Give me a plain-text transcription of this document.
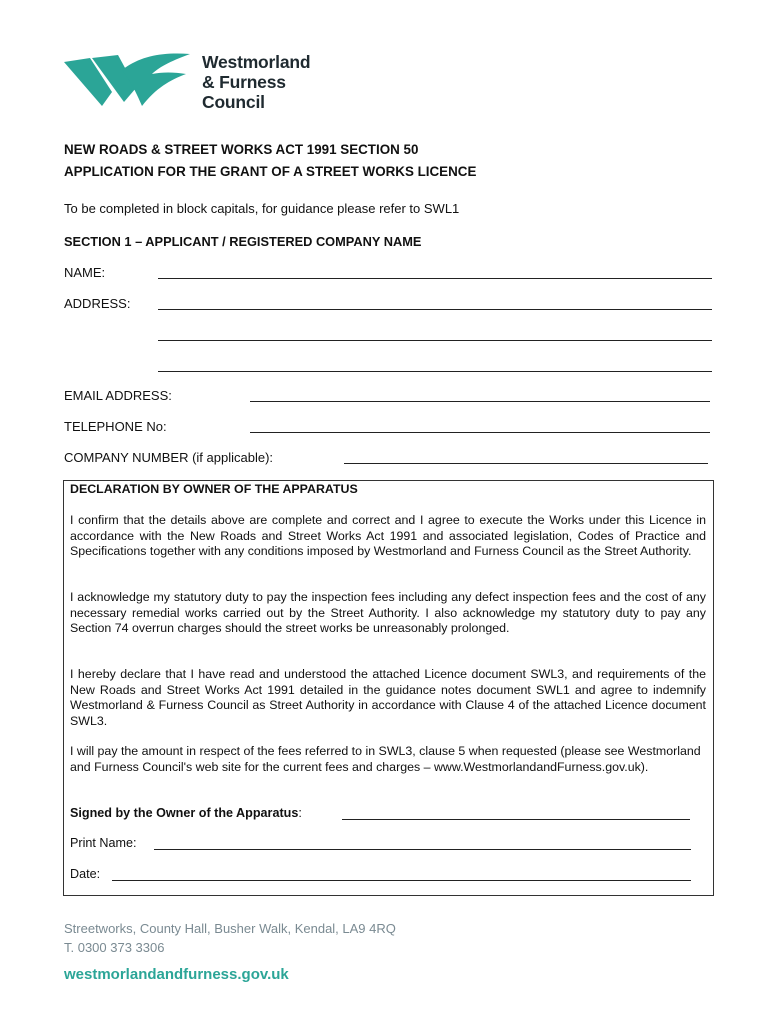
Westmorland
& Furness
Council
NEW ROADS & STREET WORKS ACT 1991 SECTION 50
APPLICATION FOR THE GRANT OF A STREET WORKS LICENCE
To be completed in block capitals, for guidance please refer to SWL1
SECTION 1 – APPLICANT / REGISTERED COMPANY NAME
NAME:
ADDRESS:
EMAIL ADDRESS:
TELEPHONE No:
COMPANY NUMBER (if applicable):
DECLARATION BY OWNER OF THE APPARATUS
I confirm that the details above are complete and correct and I agree to execute the Works under this Licence in accordance with the New Roads and Street Works Act 1991 and associated legislation, Codes of Practice and Specifications together with any conditions imposed by Westmorland and Furness Council as the Street Authority.
I acknowledge my statutory duty to pay the inspection fees including any defect inspection fees and the cost of any necessary remedial works carried out by the Street Authority. I also acknowledge my statutory duty to pay any Section 74 overrun charges should the street works be unreasonably prolonged.
I hereby declare that I have read and understood the attached Licence document SWL3, and requirements of the New Roads and Street Works Act 1991 detailed in the guidance notes document SWL1 and agree to indemnify Westmorland & Furness Council as Street Authority in accordance with Clause 4 of the attached Licence document SWL3.
I will pay the amount in respect of the fees referred to in SWL3, clause 5 when requested (please see Westmorland and Furness Council's web site for the current fees and charges – www.WestmorlandandFurness.gov.uk).
Signed by the Owner of the Apparatus:
Print Name:
Date:
Streetworks, County Hall, Busher Walk, Kendal, LA9 4RQ
T. 0300 373 3306
westmorlandandfurness.gov.uk
